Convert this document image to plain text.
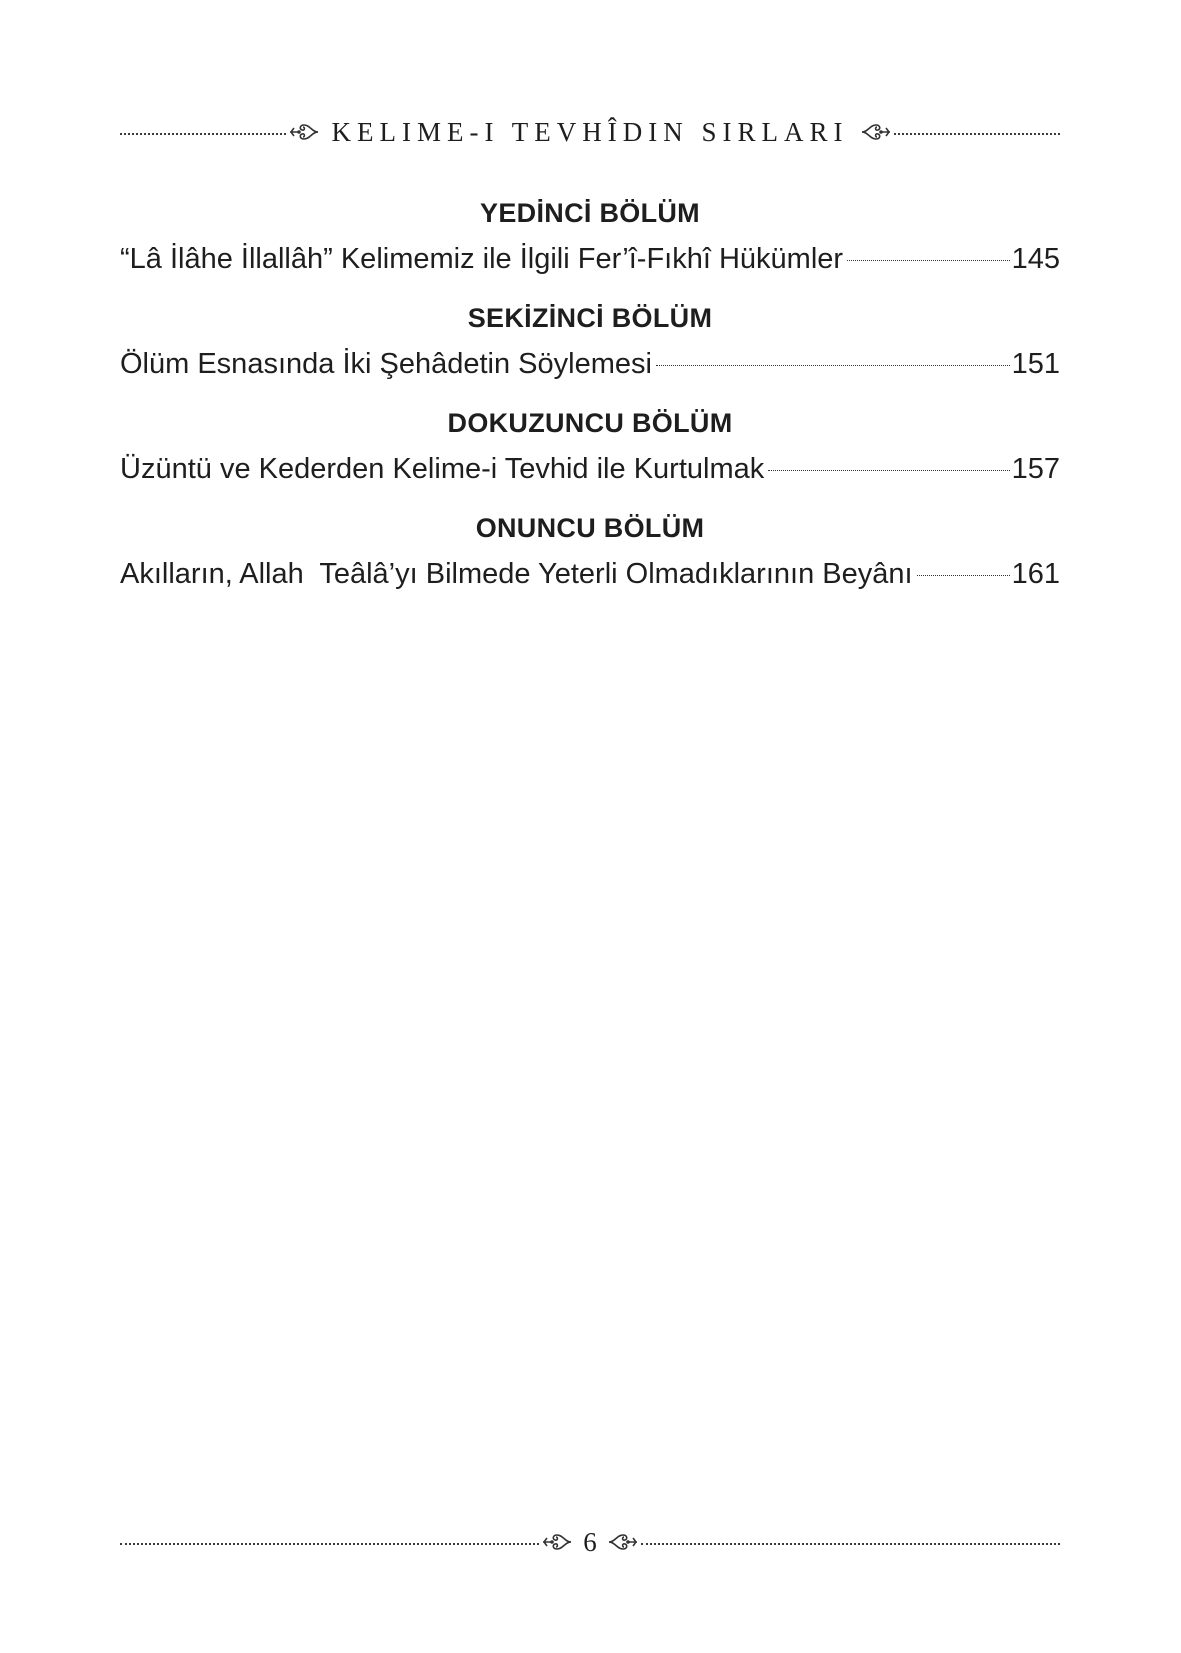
KELIME-I TEVHÎDIN SIRLARI
YEDİNCİ BÖLÜM
“Lâ İlâhe İllallâh” Kelimemiz ile İlgili Fer’î-Fıkhî Hükümler	145
SEKİZİNCİ BÖLÜM
Ölüm Esnasında İki Şehâdetin Söylemesi	151
DOKUZUNCU BÖLÜM
Üzüntü ve Kederden Kelime-i Tevhid ile Kurtulmak	157
ONUNCU BÖLÜM
Akılların, Allah  Teâlâ’yı Bilmede Yeterli Olmadıklarının Beyânı	161
6
